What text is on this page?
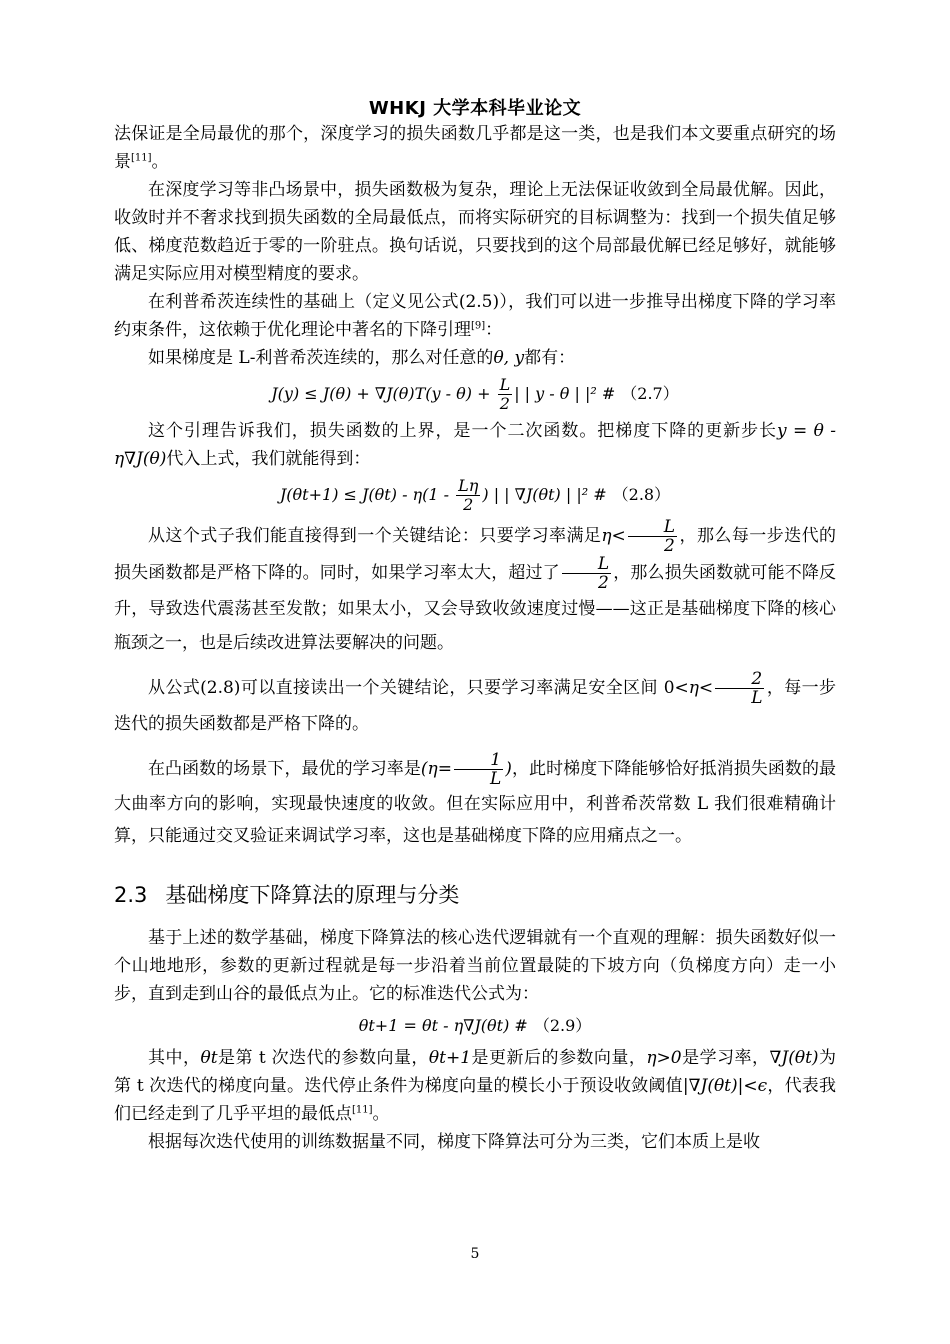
WHKJ 大学本科毕业论文

法保证是全局最优的那个，深度学习的损失函数几乎都是这一类，也是我们本文要重点研究的场景[11]。

在深度学习等非凸场景中，损失函数极为复杂，理论上无法保证收敛到全局最优解。因此，收敛时并不奢求找到损失函数的全局最低点，而将实际研究的目标调整为：找到一个损失值足够低、梯度范数趋近于零的一阶驻点。换句话说，只要找到的这个局部最优解已经足够好，就能够满足实际应用对模型精度的要求。

在利普希茨连续性的基础上（定义见公式(2.5)），我们可以进一步推导出梯度下降的学习率约束条件，这依赖于优化理论中著名的下降引理[9]：

如果梯度是 L-利普希茨连续的，那么对任意的θ, y都有：

$J(y) \le J(\theta) + \nabla J(\theta)T(y - \theta) + \frac{L}{2}$ | | y - θ | |² # （2.7）

这个引理告诉我们，损失函数的上界，是一个二次函数。把梯度下降的更新步长y = θ - η∇J(θ)代入上式，我们就能得到：

$J(\theta t+1) \le J(\theta t) - \eta(1 - \frac{L\eta}{2}$ ) | | ∇J(θt) | |² # （2.8）

从这个式子我们能直接得到一个关键结论：只要学习率满足$\eta< \frac{L}{2}$ ，那么每一步迭代的损失函数都是严格下降的。同时，如果学习率太大，超过了 $\frac{L}{2}$ ，那么损失函数就可能不降反升，导致迭代震荡甚至发散；如果太小，又会导致收敛速度过慢——这正是基础梯度下降的核心瓶颈之一，也是后续改进算法要解决的问题。

从公式(2.8)可以直接读出一个关键结论，只要学习率满足安全区间 $0<\eta< \frac{2}{L}$ ，每一步迭代的损失函数都是严格下降的。

在凸函数的场景下，最优的学习率是($\eta= \frac{1}{L}$ )，此时梯度下降能够恰好抵消损失函数的最大曲率方向的影响，实现最快速度的收敛。但在实际应用中，利普希茨常数 L 我们很难精确计算，只能通过交叉验证来调试学习率，这也是基础梯度下降的应用痛点之一。

2.3 基础梯度下降算法的原理与分类

基于上述的数学基础，梯度下降算法的核心迭代逻辑就有一个直观的理解：损失函数好似一个山地地形，参数的更新过程就是每一步沿着当前位置最陡的下坡方向（负梯度方向）走一小步，直到走到山谷的最低点为止。它的标准迭代公式为：

θt+1 = θt - η∇J(θt) # （2.9）

其中，θt是第 t 次迭代的参数向量，θt+1是更新后的参数向量，η>0是学习率，∇J(θt)为第 t 次迭代的梯度向量。迭代停止条件为梯度向量的模长小于预设收敛阈值|∇J(θt)|<ϵ，代表我们已经走到了几乎平坦的最低点[11]。

根据每次迭代使用的训练数据量不同，梯度下降算法可分为三类，它们本质上是收

5
